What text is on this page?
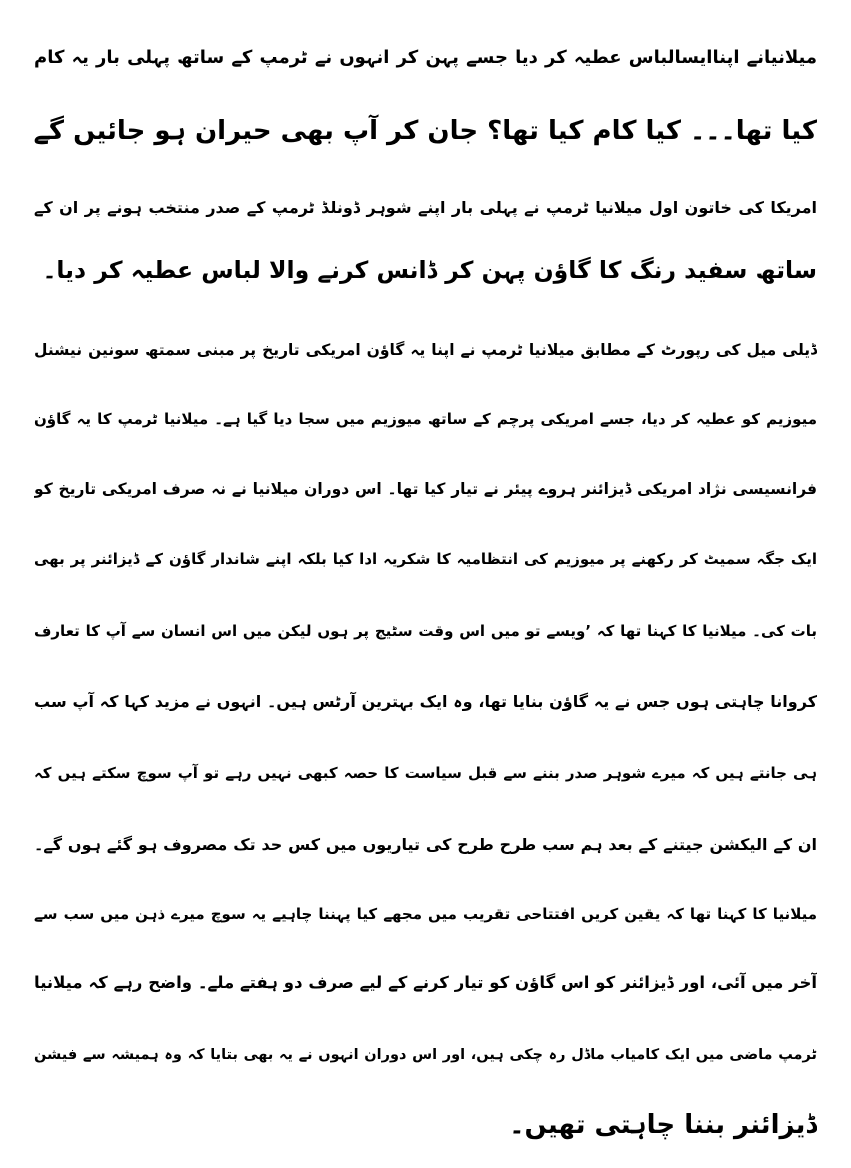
میلانیانے اپناایسالباس عطیہ کر دیا جسے پہن کر انہوں نے ٹرمپ کے ساتھ پہلی بار یہ کام
کیا تھا۔۔۔ کیا کام کیا تھا؟ جان کر آپ بھی حیران ہو جائیں گے
امریکا کی خاتون اول میلانیا ٹرمپ نے پہلی بار اپنے شوہر ڈونلڈ ٹرمپ کے صدر منتخب ہونے پر ان کے
ساتھ سفید رنگ کا گاؤن پہن کر ڈانس کرنے والا لباس عطیہ کر دیا۔
ڈیلی میل کی رپورٹ کے مطابق میلانیا ٹرمپ نے اپنا یہ گاؤن امریکی تاریخ پر مبنی سمتھ سونین نیشنل
میوزیم کو عطیہ کر دیا، جسے امریکی پرچم کے ساتھ میوزیم میں سجا دیا گیا ہے۔ میلانیا ٹرمپ کا یہ گاؤن
فرانسیسی نژاد امریکی ڈیزائنر ہروے پیئر نے تیار کیا تھا۔ اس دوران میلانیا نے نہ صرف امریکی تاریخ کو
ایک جگہ سمیٹ کر رکھنے پر میوزیم کی انتظامیہ کا شکریہ ادا کیا بلکہ اپنے شاندار گاؤن کے ڈیزائنر پر بھی
بات کی۔ میلانیا کا کہنا تھا کہ ’ویسے تو میں اس وقت سٹیج پر ہوں لیکن میں اس انسان سے آپ کا تعارف
کروانا چاہتی ہوں جس نے یہ گاؤن بنایا تھا، وہ ایک بہترین آرٹس ہیں۔ انہوں نے مزید کہا کہ آپ سب
ہی جانتے ہیں کہ میرے شوہر صدر بننے سے قبل سیاست کا حصہ کبھی نہیں رہے تو آپ سوچ سکتے ہیں کہ
ان کے الیکشن جیتنے کے بعد ہم سب طرح طرح کی تیاریوں میں کس حد تک مصروف ہو گئے ہوں گے۔
میلانیا کا کہنا تھا کہ یقین کریں افتتاحی تقریب میں مجھے کیا پہننا چاہیے یہ سوچ میرے ذہن میں سب سے
آخر میں آئی، اور ڈیزائنر کو اس گاؤن کو تیار کرنے کے لیے صرف دو ہفتے ملے۔ واضح رہے کہ میلانیا
ٹرمپ ماضی میں ایک کامیاب ماڈل رہ چکی ہیں، اور اس دوران انہوں نے یہ بھی بتایا کہ وہ ہمیشہ سے فیشن
ڈیزائنر بننا چاہتی تھیں۔
